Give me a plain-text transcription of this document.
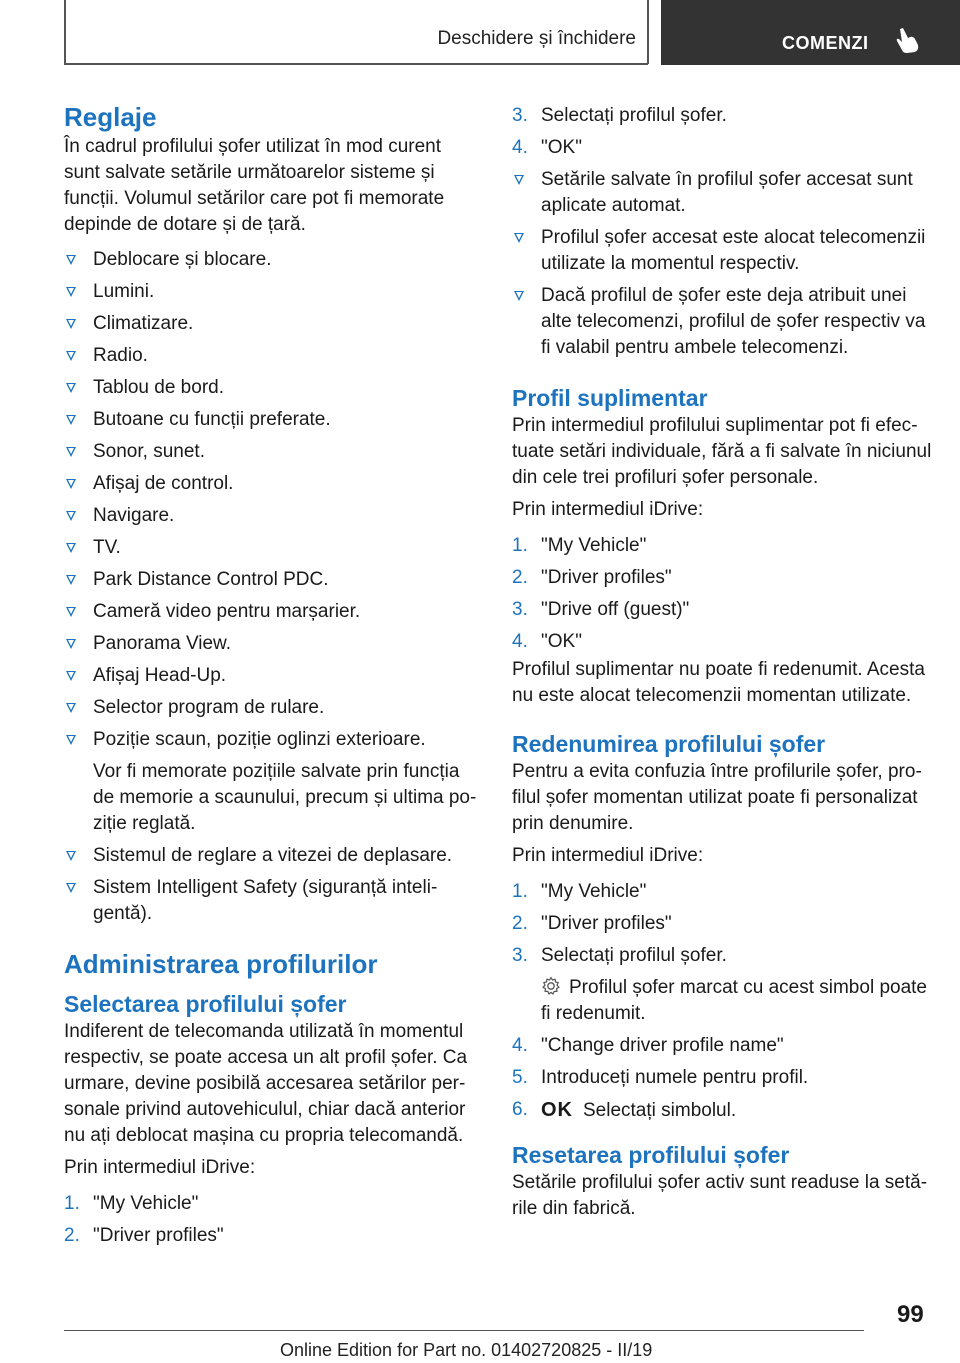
Deschidere și închidere	COMENZI
Reglaje

În cadrul profilului șofer utilizat în mod curent sunt salvate setările următoarelor sisteme și funcții. Volumul setărilor care pot fi memorate depinde de dotare și de țară.

Deblocare și blocare.
Lumini.
Climatizare.
Radio.
Tablou de bord.
Butoane cu funcții preferate.
Sonor, sunet.
Afișaj de control.
Navigare.
TV.
Park Distance Control PDC.
Cameră video pentru marșarier.
Panorama View.
Afișaj Head-Up.
Selector program de rulare.
Poziție scaun, poziție oglinzi exterioare.

Vor fi memorate pozițiile salvate prin funcția de memorie a scaunului, precum și ultima poziție reglată.

Sistemul de reglare a vitezei de deplasare.
Sistem Intelligent Safety (siguranță inteligentă).
Administrarea profilurilor
Selectarea profilului șofer

Indiferent de telecomanda utilizată în momentul respectiv, se poate accesa un alt profil șofer. Ca urmare, devine posibilă accesarea setărilor personale privind autovehiculul, chiar dacă anterior nu ați deblocat mașina cu propria telecomandă.

Prin intermediul iDrive:

1. "My Vehicle"
2. "Driver profiles"
3. Selectați profilul șofer.
4. "OK"
Setările salvate în profilul șofer accesat sunt aplicate automat.
Profilul șofer accesat este alocat telecomenzii utilizate la momentul respectiv.
Dacă profilul de șofer este deja atribuit unei alte telecomenzi, profilul de șofer respectiv va fi valabil pentru ambele telecomenzi.
Profil suplimentar

Prin intermediul profilului suplimentar pot fi efectuate setări individuale, fără a fi salvate în niciunul din cele trei profiluri șofer personale.

Prin intermediul iDrive:

1. "My Vehicle"
2. "Driver profiles"
3. "Drive off (guest)"
4. "OK"

Profilul suplimentar nu poate fi redenumit. Acesta nu este alocat telecomenzii momentan utilizate.

Redenumirea profilului șofer

Pentru a evita confuzia între profilurile șofer, profilul șofer momentan utilizat poate fi personalizat prin denumire.

Prin intermediul iDrive:

1. "My Vehicle"
2. "Driver profiles"
3. Selectați profilul șofer.

Profilul șofer marcat cu acest simbol poate fi redenumit.

4. "Change driver profile name"
5. Introduceți numele pentru profil.
6. OK Selectați simbolul.
Resetarea profilului șofer

Setările profilului șofer activ sunt readuse la setările din fabrică.

99
Online Edition for Part no. 01402720825 - II/19
